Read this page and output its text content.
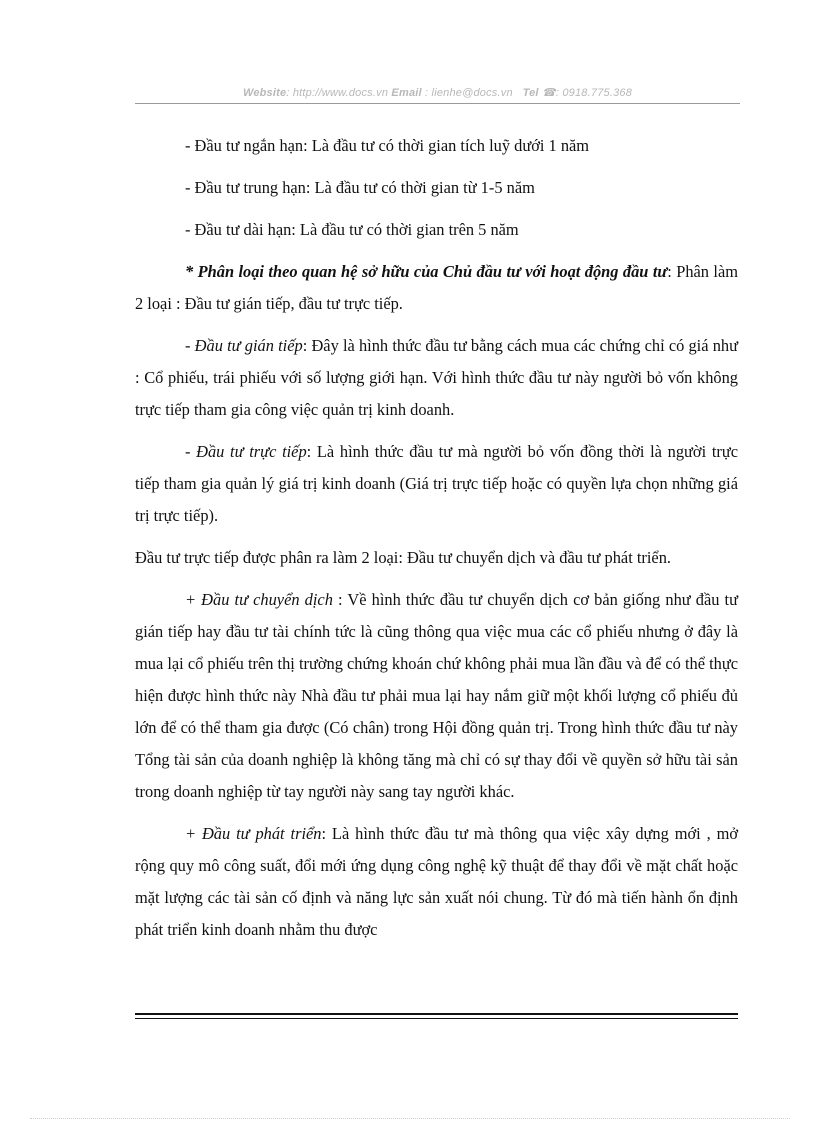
Website: http://www.docs.vn Email : lienhe@docs.vn Tel ☎: 0918.775.368

- Đầu tư ngắn hạn: Là đầu tư có thời gian tích luỹ dưới 1 năm

- Đầu tư trung hạn: Là đầu tư có thời gian từ 1-5 năm

- Đầu tư dài hạn: Là đầu tư có thời gian trên 5 năm

* Phân loại theo quan hệ sở hữu của Chủ đầu tư với hoạt động đầu tư: Phân làm 2 loại : Đầu tư gián tiếp, đầu tư trực tiếp.

- Đầu tư gián tiếp: Đây là hình thức đầu tư bằng cách mua các chứng chỉ có giá như : Cổ phiếu, trái phiếu với số lượng giới hạn. Với hình thức đầu tư này người bỏ vốn không trực tiếp tham gia công việc quản trị kinh doanh.

- Đầu tư trực tiếp: Là hình thức đầu tư mà người bỏ vốn đồng thời là người trực tiếp tham gia quản lý giá trị kinh doanh (Giá trị trực tiếp hoặc có quyền lựa chọn những giá trị trực tiếp).

Đầu tư trực tiếp được phân ra làm 2 loại: Đầu tư chuyển dịch và đầu tư phát triển.

+ Đầu tư chuyển dịch : Về hình thức đầu tư chuyển dịch cơ bản giống như đầu tư gián tiếp hay đầu tư tài chính tức là cũng thông qua việc mua các cổ phiếu nhưng ở đây là mua lại cổ phiếu trên thị trường chứng khoán chứ không phải mua lần đầu và để có thể thực hiện được hình thức này Nhà đầu tư phải mua lại hay nắm giữ một khối lượng cổ phiếu đủ lớn để có thể tham gia được (Có chân) trong Hội đồng quản trị. Trong hình thức đầu tư này Tổng tài sản của doanh nghiệp là không tăng mà chỉ có sự thay đổi về quyền sở hữu tài sản trong doanh nghiệp từ tay người này sang tay người khác.

+ Đầu tư phát triển: Là hình thức đầu tư mà thông qua việc xây dựng mới , mở rộng quy mô công suất, đổi mới ứng dụng công nghệ kỹ thuật để thay đổi về mặt chất hoặc mặt lượng các tài sản cố định và năng lực sản xuất nói chung. Từ đó mà tiến hành ổn định phát triển kinh doanh nhằm thu được
